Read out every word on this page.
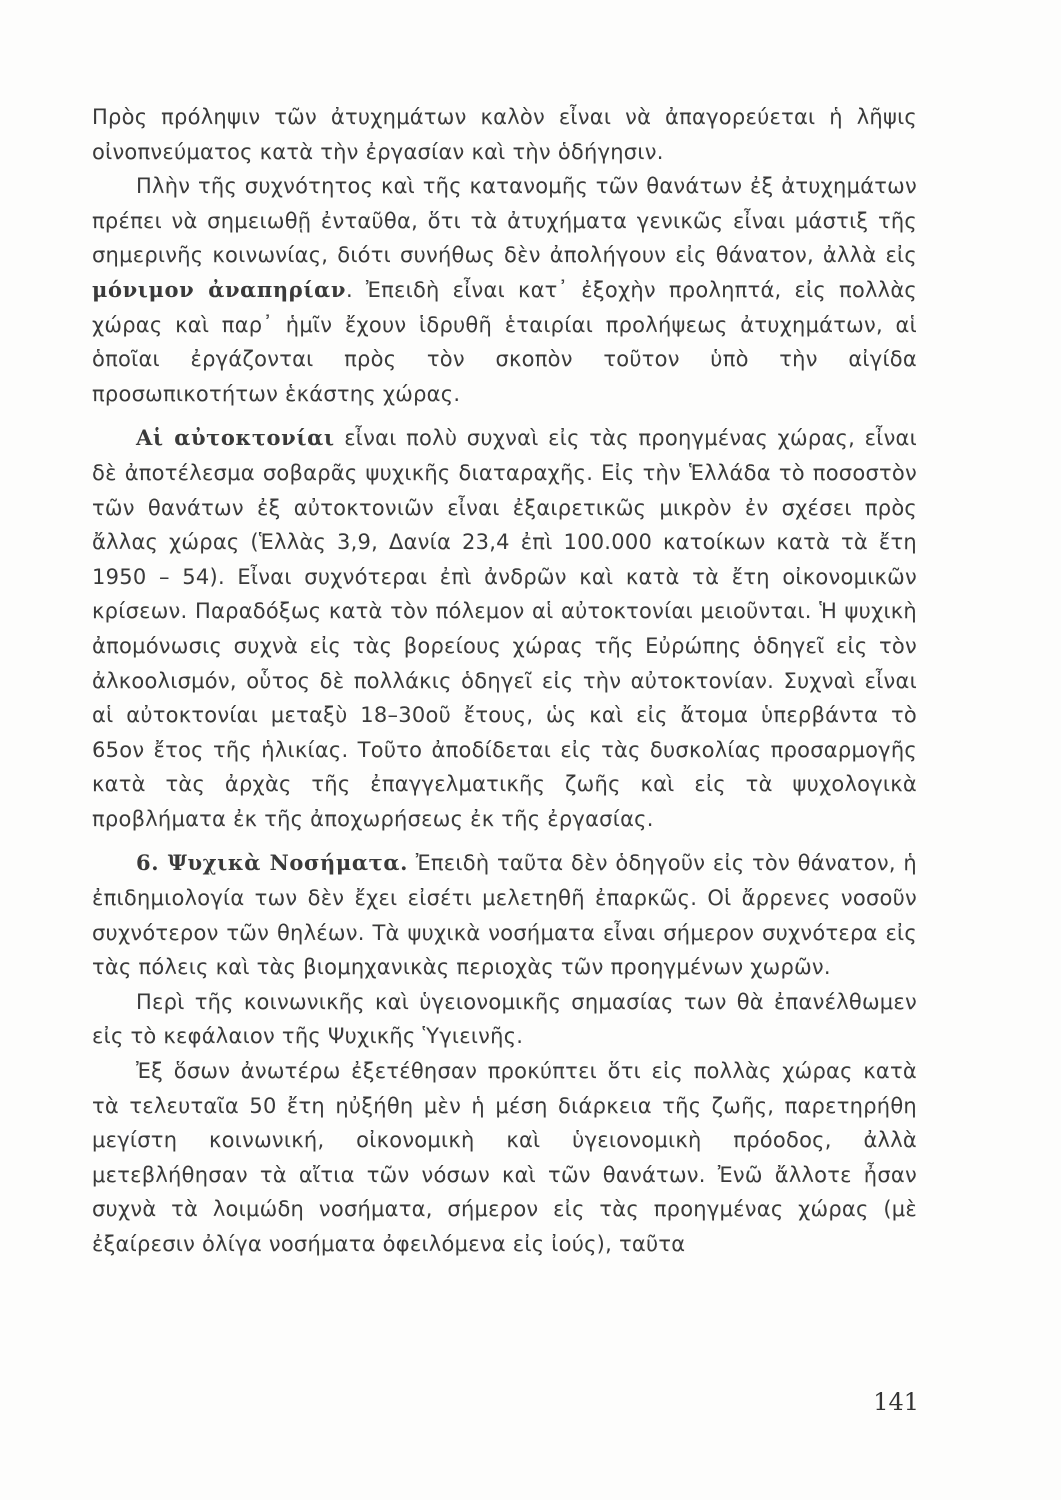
Πρὸς πρόληψιν τῶν ἀτυχημάτων καλὸν εἶναι νὰ ἀπαγορεύεται ἡ λῆψις οἰνοπνεύματος κατὰ τὴν ἐργασίαν καὶ τὴν ὁδήγησιν.

Πλὴν τῆς συχνότητος καὶ τῆς κατανομῆς τῶν θανάτων ἐξ ἀτυχημάτων πρέπει νὰ σημειωθῇ ἐνταῦθα, ὅτι τὰ ἀτυχήματα γενικῶς εἶναι μάστιξ τῆς σημερινῆς κοινωνίας, διότι συνήθως δὲν ἀπολήγουν εἰς θάνατον, ἀλλὰ εἰς μόνιμον ἀναπηρίαν. Ἐπειδὴ εἶναι κατ᾿ ἐξοχὴν προληπτά, εἰς πολλὰς χώρας καὶ παρ᾿ ἡμῖν ἔχουν ἱδρυθῆ ἑταιρίαι προλήψεως ἀτυχημάτων, αἱ ὁποῖαι ἐργάζονται πρὸς τὸν σκοπὸν τοῦτον ὑπὸ τὴν αἰγίδα προσωπικοτήτων ἑκάστης χώρας.

Αἱ αὐτοκτονίαι εἶναι πολὺ συχναὶ εἰς τὰς προηγμένας χώρας, εἶναι δὲ ἀποτέλεσμα σοβαρᾶς ψυχικῆς διαταραχῆς. Εἰς τὴν Ἑλλάδα τὸ ποσοστὸν τῶν θανάτων ἐξ αὐτοκτονιῶν εἶναι ἐξαιρετικῶς μικρὸν ἐν σχέσει πρὸς ἄλλας χώρας (Ἑλλὰς 3,9, Δανία 23,4 ἐπὶ 100.000 κατοίκων κατὰ τὰ ἔτη 1950 – 54). Εἶναι συχνότεραι ἐπὶ ἀνδρῶν καὶ κατὰ τὰ ἔτη οἰκονομικῶν κρίσεων. Παραδόξως κατὰ τὸν πόλεμον αἱ αὐτοκτονίαι μειοῦνται. Ἡ ψυχικὴ ἀπομόνωσις συχνὰ εἰς τὰς βορείους χώρας τῆς Εὐρώπης ὁδηγεῖ εἰς τὸν ἀλκοολισμόν, οὗτος δὲ πολλάκις ὁδηγεῖ εἰς τὴν αὐτοκτονίαν. Συχναὶ εἶναι αἱ αὐτοκτονίαι μεταξὺ 18–30οῦ ἔτους, ὡς καὶ εἰς ἄτομα ὑπερβάντα τὸ 65ον ἔτος τῆς ἡλικίας. Τοῦτο ἀποδίδεται εἰς τὰς δυσκολίας προσαρμογῆς κατὰ τὰς ἀρχὰς τῆς ἐπαγγελματικῆς ζωῆς καὶ εἰς τὰ ψυχολογικὰ προβλήματα ἐκ τῆς ἀποχωρήσεως ἐκ τῆς ἐργασίας.

6. Ψυχικὰ Νοσήματα. Ἐπειδὴ ταῦτα δὲν ὁδηγοῦν εἰς τὸν θάνατον, ἡ ἐπιδημιολογία των δὲν ἔχει εἰσέτι μελετηθῆ ἐπαρκῶς. Οἱ ἄρρενες νοσοῦν συχνότερον τῶν θηλέων. Τὰ ψυχικὰ νοσήματα εἶναι σήμερον συχνότερα εἰς τὰς πόλεις καὶ τὰς βιομηχανικὰς περιοχὰς τῶν προηγμένων χωρῶν.

Περὶ τῆς κοινωνικῆς καὶ ὑγειονομικῆς σημασίας των θὰ ἐπανέλθωμεν εἰς τὸ κεφάλαιον τῆς Ψυχικῆς Ὑγιεινῆς.

Ἐξ ὅσων ἀνωτέρω ἐξετέθησαν προκύπτει ὅτι εἰς πολλὰς χώρας κατὰ τὰ τελευταῖα 50 ἔτη ηὐξήθη μὲν ἡ μέση διάρκεια τῆς ζωῆς, παρετηρήθη μεγίστη κοινωνική, οἰκονομικὴ καὶ ὑγειονομικὴ πρόοδος, ἀλλὰ μετεβλήθησαν τὰ αἴτια τῶν νόσων καὶ τῶν θανάτων. Ἐνῶ ἄλλοτε ἦσαν συχνὰ τὰ λοιμώδη νοσήματα, σήμερον εἰς τὰς προηγμένας χώρας (μὲ ἐξαίρεσιν ὀλίγα νοσήματα ὀφειλόμενα εἰς ἰούς), ταῦτα

141
